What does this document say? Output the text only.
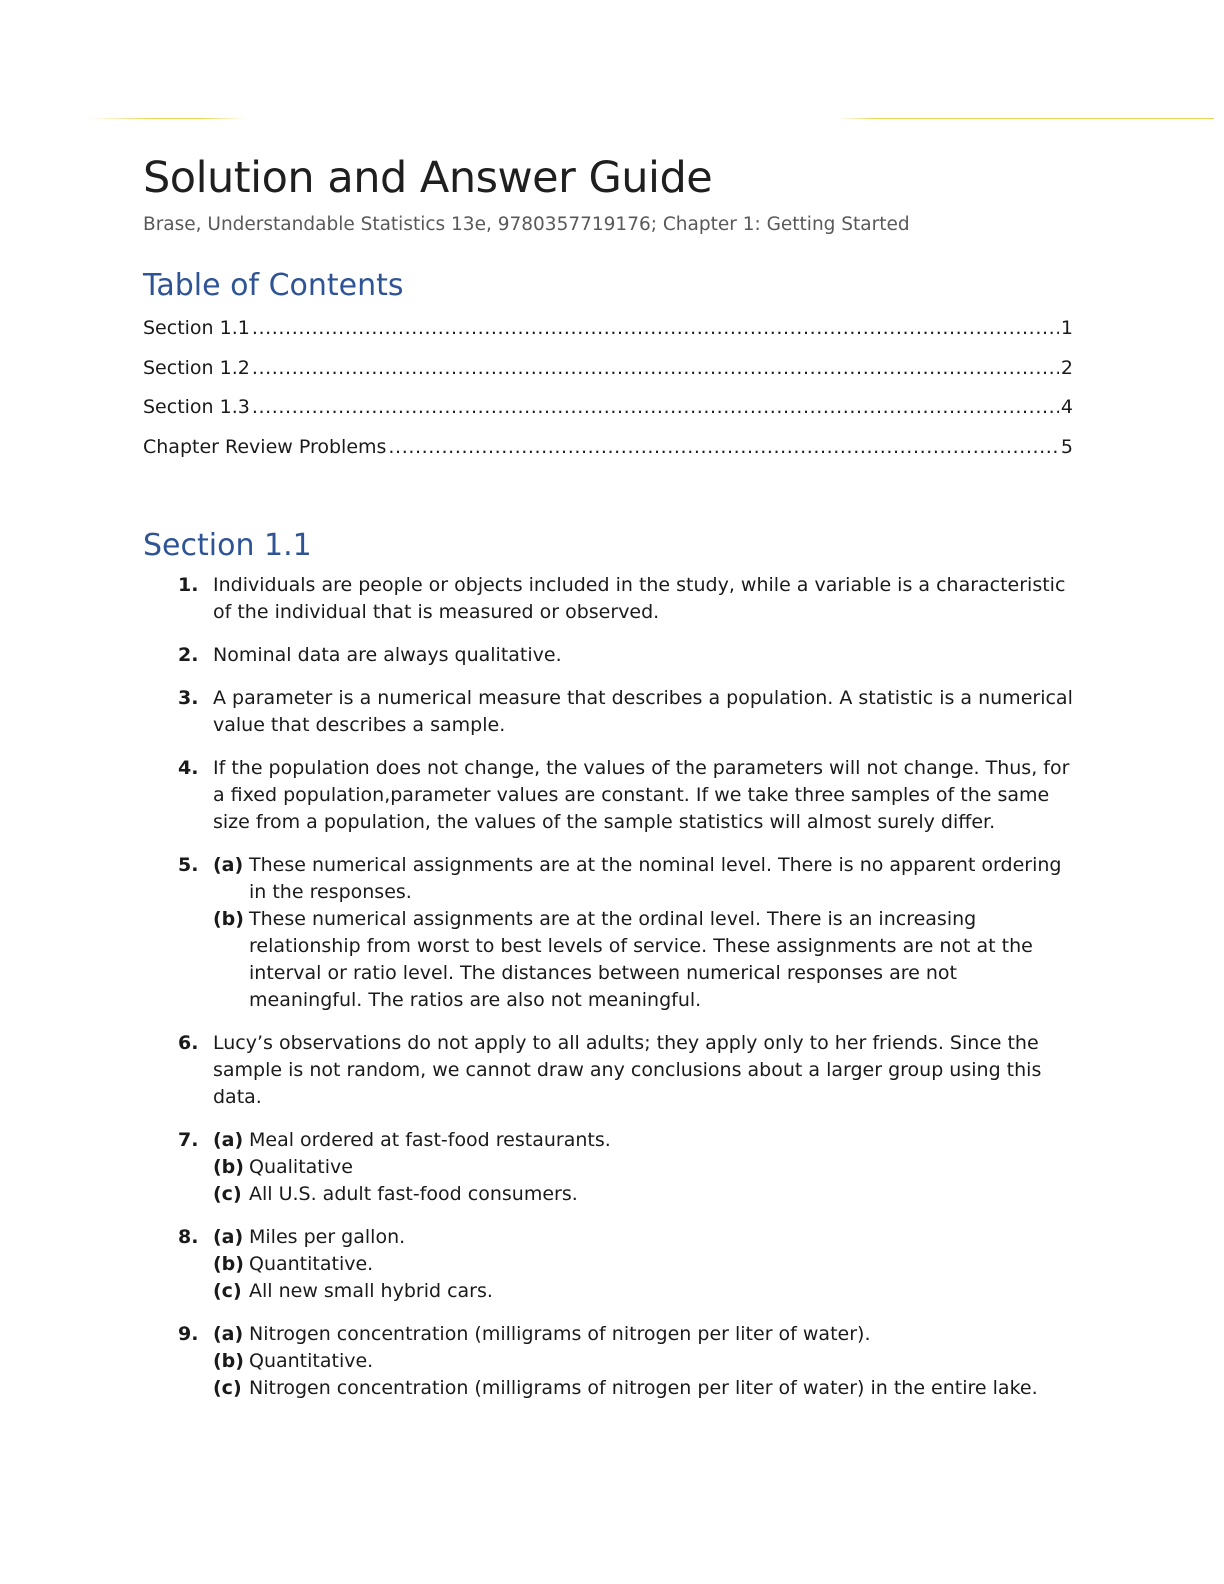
Solution and Answer Guide

Brase, Understandable Statistics 13e, 9780357719176; Chapter 1: Getting Started

Table of Contents
Section 1.1 .....	1
Section 1.2 .....	2
Section 1.3 .....	4
Chapter Review Problems .....	5
Section 1.1
1. Individuals are people or objects included in the study, while a variable is a characteristic of the individual that is measured or observed.
2. Nominal data are always qualitative.
3. A parameter is a numerical measure that describes a population. A statistic is a numerical value that describes a sample.
4. If the population does not change, the values of the parameters will not change. Thus, for a fixed population,parameter values are constant. If we take three samples of the same size from a population, the values of the sample statistics will almost surely differ.
5. (a) These numerical assignments are at the nominal level. There is no apparent ordering in the responses.
(b) These numerical assignments are at the ordinal level. There is an increasing relationship from worst to best levels of service. These assignments are not at the interval or ratio level. The distances between numerical responses are not meaningful. The ratios are also not meaningful.
6. Lucy’s observations do not apply to all adults; they apply only to her friends. Since the sample is not random, we cannot draw any conclusions about a larger group using this data.
7. (a) Meal ordered at fast-food restaurants.
(b) Qualitative
(c) All U.S. adult fast-food consumers.
8. (a) Miles per gallon.
(b) Quantitative.
(c) All new small hybrid cars.
9. (a) Nitrogen concentration (milligrams of nitrogen per liter of water).
(b) Quantitative.
(c) Nitrogen concentration (milligrams of nitrogen per liter of water) in the entire lake.
